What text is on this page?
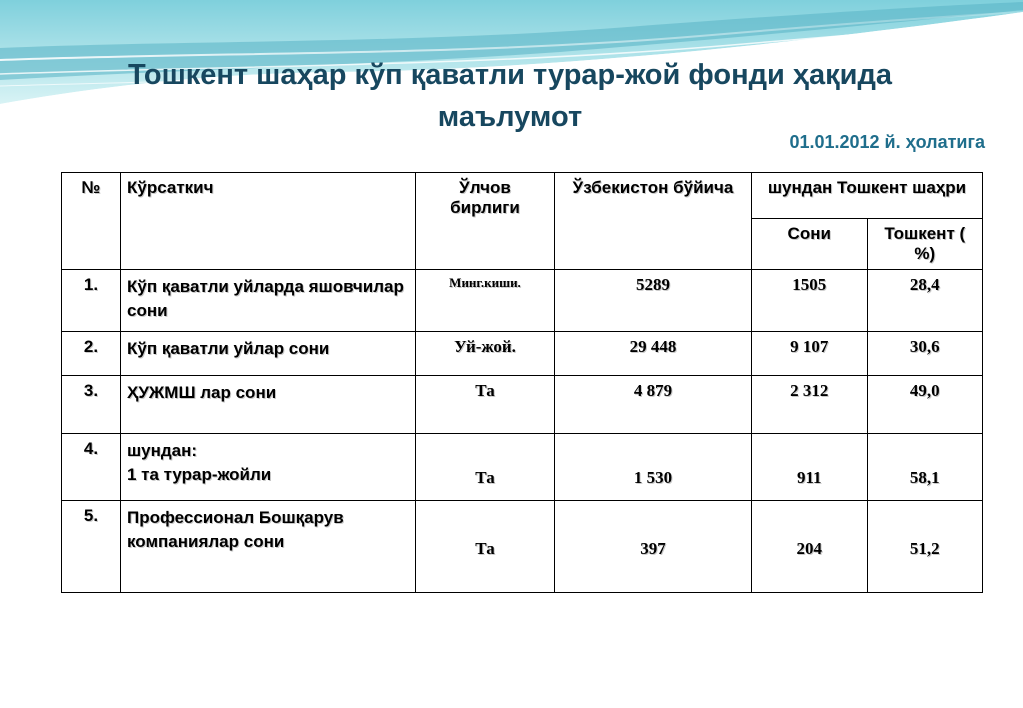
Тошкент шаҳар кўп қаватли турар-жой фонди ҳақида
маълумот
01.01.2012 й. ҳолатига
№	Кўрсаткич	Ўлчов бирлиги	Ўзбекистон бўйича	шундан Тошкент шаҳри	
				Сони	Тошкент ( %)
1.	Кўп қаватли уйларда яшовчилар сони	Минг.киши.	5289	1505	28,4
2.	Кўп қаватли уйлар сони	Уй-жой.	29 448	9 107	30,6
3.	ҲУЖМШ лар сони	Та	4 879	2 312	49,0
4.	шундан:
1 та турар-жойли	Та	1 530	911	58,1
5.	Профессионал Бошқарув компаниялар сони	Та	397	204	51,2
